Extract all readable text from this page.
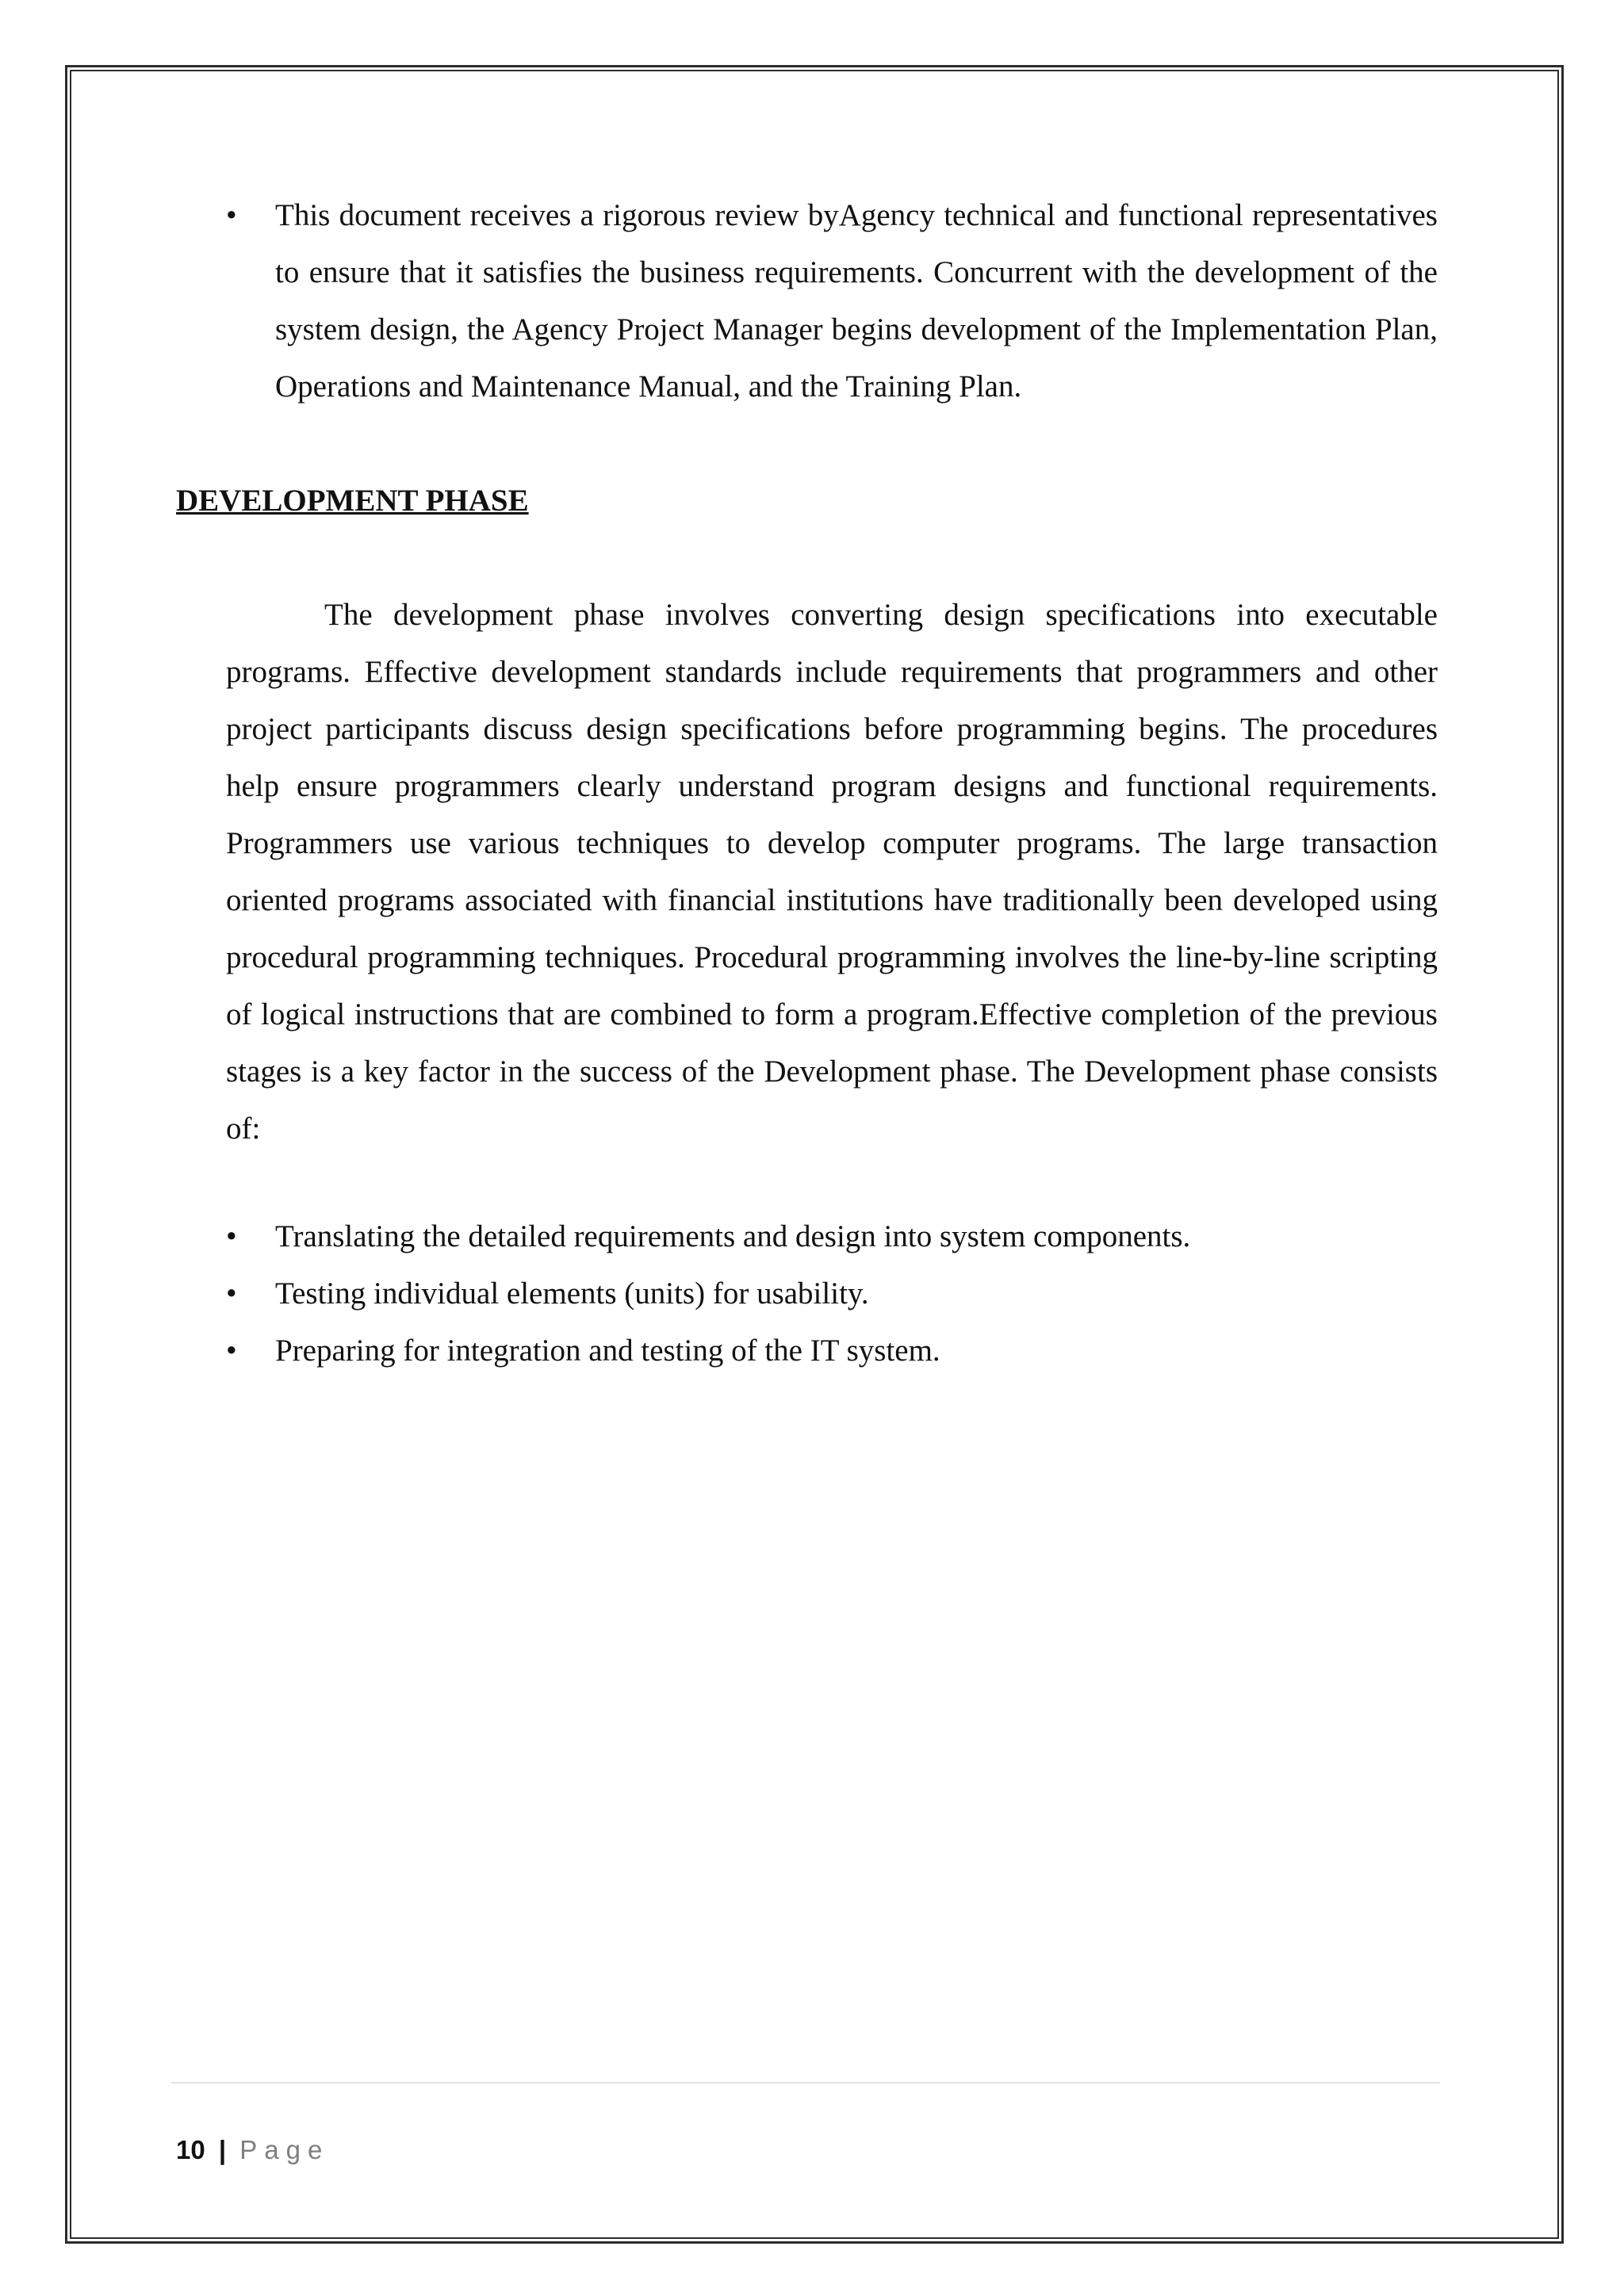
• This document receives a rigorous review byAgency technical and functional representatives to ensure that it satisfies the business requirements. Concurrent with the development of the system design, the Agency Project Manager begins development of the Implementation Plan, Operations and Maintenance Manual, and the Training Plan.
DEVELOPMENT PHASE
The development phase involves converting design specifications into executable programs. Effective development standards include requirements that programmers and other project participants discuss design specifications before programming begins. The procedures help ensure programmers clearly understand program designs and functional requirements. Programmers use various techniques to develop computer programs. The large transaction oriented programs associated with financial institutions have traditionally been developed using procedural programming techniques. Procedural programming involves the line-by-line scripting of logical instructions that are combined to form a program.Effective completion of the previous stages is a key factor in the success of the Development phase. The Development phase consists of:
• Translating the detailed requirements and design into system components.
• Testing individual elements (units) for usability.
• Preparing for integration and testing of the IT system.
10 | Page
